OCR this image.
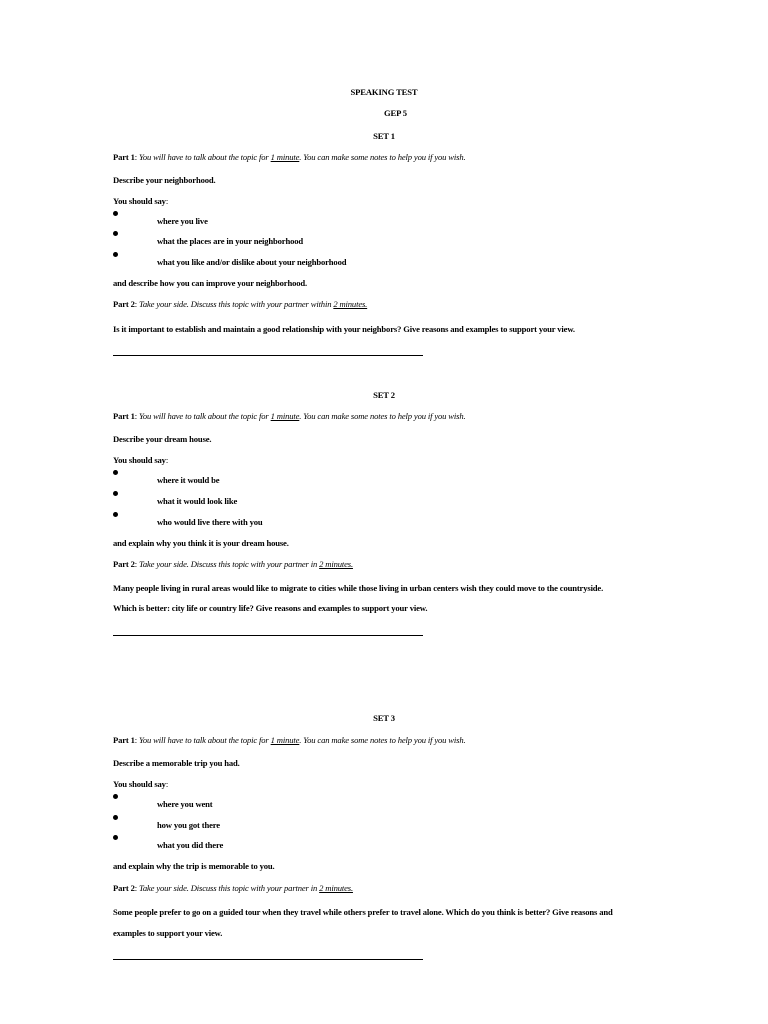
SPEAKING TEST
GEP 5
SET 1
Part 1: You will have to talk about the topic for 1 minute. You can make some notes to help you if you wish.
Describe your neighborhood.
You should say:
where you live
what the places are in your neighborhood
what you like and/or dislike about your neighborhood
and describe how you can improve your neighborhood.
Part 2: Take your side. Discuss this topic with your partner within 2 minutes.
Is it important to establish and maintain a good relationship with your neighbors? Give reasons and examples to support your view.
SET 2
Part 1: You will have to talk about the topic for 1 minute. You can make some notes to help you if you wish.
Describe your dream house.
You should say:
where it would be
what it would look like
who would live there with you
and explain why you think it is your dream house.
Part 2: Take your side. Discuss this topic with your partner in 2 minutes.
Many people living in rural areas would like to migrate to cities while those living in urban centers wish they could move to the countryside.
Which is better: city life or country life? Give reasons and examples to support your view.
SET 3
Part 1: You will have to talk about the topic for 1 minute. You can make some notes to help you if you wish.
Describe a memorable trip you had.
You should say:
where you went
how you got there
what you did there
and explain why the trip is memorable to you.
Part 2: Take your side. Discuss this topic with your partner in 2 minutes.
Some people prefer to go on a guided tour when they travel while others prefer to travel alone. Which do you think is better? Give reasons and
examples to support your view.
